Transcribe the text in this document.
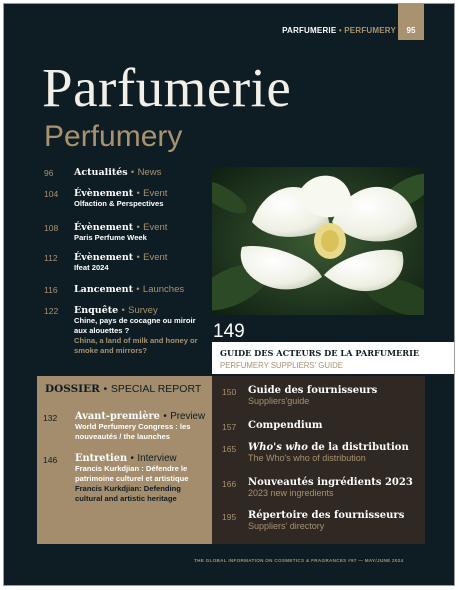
PARFUMERIE • PERFUMERY 95
Parfumerie
Perfumery
96 Actualités • News
104 Évènement • Event
Olfaction & Perspectives
108 Évènement • Event
Paris Perfume Week
112 Évènement • Event
Ifeat 2024
116 Lancement • Launches
122 Enquête • Survey
Chine, pays de cocagne ou miroir aux alouettes ?
China, a land of milk and honey or smoke and mirrors?
149
GUIDE DES ACTEURS DE LA PARFUMERIE
PERFUMERY SUPPLIERS' GUIDE
DOSSIER • SPECIAL REPORT
132 Avant-première • Preview
World Perfumery Congress : les nouveautés / the launches
146 Entretien • Interview
Francis Kurkdjian : Défendre le patrimoine culturel et artistique
Francis Kurkdjian: Defending cultural and artistic heritage
150 Guide des fournisseurs
Suppliers'guide
157 Compendium
165 Who's who de la distribution
The Who's who of distribution
166 Nouveautés ingrédients 2023
2023 new ingredients
195 Répertoire des fournisseurs
Suppliers' directory
THE GLOBAL INFORMATION ON COSMETICS & FRAGRANCES #97 — MAY/JUNE 2024
